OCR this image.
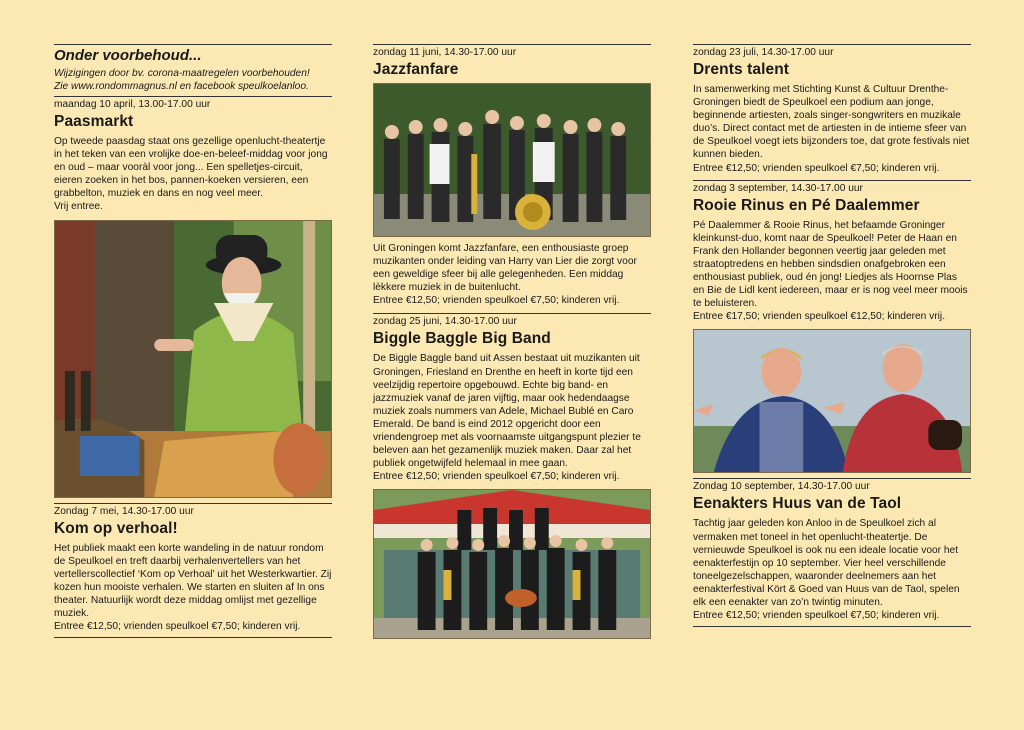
Onder voorbehoud...
Wijzigingen door bv. corona-maatregelen voorbehouden!
Zie www.rondommagnus.nl en facebook speulkoelanloo.
maandag 10 april, 13.00-17.00 uur
Paasmarkt

Op tweede paasdag staat ons gezellige openlucht-theatertje in het teken van een vrolijke doe-en-beleef-middag voor jong en oud – maar vooràl voor jong... Een spelletjes-circuit, eieren zoeken in het bos, pannen-koeken versieren, een grabbelton, muziek en dans en nog veel meer.

Vrij entree.

Zondag 7 mei, 14.30-17.00 uur
Kom op verhoal!

Het publiek maakt een korte wandeling in de natuur rondom de Speulkoel en treft daarbij verhalenvertellers van het vertellerscollectief ‘Kom op Verhoal’ uit het Westerkwartier. Zij kozen hun mooiste verhalen. We starten en sluiten af In ons theater. Natuurlijk wordt deze middag omlijst met gezellige muziek.

Entree €12,50; vrienden speulkoel €7,50; kinderen vrij.

zondag 11 juni, 14.30-17.00 uur
Jazzfanfare

Uit Groningen komt Jazzfanfare, een enthousiaste groep muzikanten onder leiding van Harry van Lier die zorgt voor een geweldige sfeer bij alle gelegenheden. Een middag lèkkere muziek in de buitenlucht.

Entree €12,50; vrienden speulkoel €7,50; kinderen vrij.

zondag 25 juni, 14.30-17.00 uur
Biggle Baggle Big Band

De Biggle Baggle band uit Assen bestaat uit muzikanten uit Groningen, Friesland en Drenthe en heeft in korte tijd een veelzijdig repertoire opgebouwd. Echte big band- en jazzmuziek vanaf de jaren vijftig, maar ook hedendaagse muziek zoals nummers van Adele, Michael Bublé en Caro Emerald. De band is eind 2012 opgericht door een vriendengroep met als voornaamste uitgangspunt plezier te beleven aan het gezamenlijk muziek maken. Daar zal het publiek ongetwijfeld helemaal in mee gaan.

Entree €12,50; vrienden speulkoel €7,50; kinderen vrij.

zondag 23 juli, 14.30-17.00 uur
Drents talent

In samenwerking met Stichting Kunst & Cultuur Drenthe-Groningen biedt de Speulkoel een podium aan jonge, beginnende artiesten, zoals singer-songwriters en muzikale duo’s. Direct contact met de artiesten in de intieme sfeer van de Speulkoel voegt iets bijzonders toe, dat grote festivals niet kunnen bieden.

Entree €12,50; vrienden speulkoel €7,50; kinderen vrij.

zondag 3 september, 14.30-17.00 uur
Rooie Rinus en Pé Daalemmer

Pé Daalemmer & Rooie Rinus, het befaamde Groninger kleinkunst-duo, komt naar de Speulkoel! Peter de Haan en Frank den Hollander begonnen veertig jaar geleden met straatoptredens en hebben sindsdien onafgebroken een enthousiast publiek, oud én jong! Liedjes als Hoornse Plas en Bie de Lidl kent iedereen, maar er is nog veel meer moois te beluisteren.

Entree €17,50; vrienden speulkoel €12,50; kinderen vrij.

Zondag 10 september, 14.30-17.00 uur
Eenakters Huus van de Taol

Tachtig jaar geleden kon Anloo in de Speulkoel zich al vermaken met toneel in het openlucht-theatertje. De vernieuwde Speulkoel is ook nu een ideale locatie voor het eenakterfestijn op 10 september. Vier heel verschillende toneelgezelschappen, waaronder deelnemers aan het eenakterfestival Kört & Goed van Huus van de Taol, spelen elk een eenakter van zo’n twintig minuten.

Entree €12,50; vrienden speulkoel €7,50; kinderen vrij.
